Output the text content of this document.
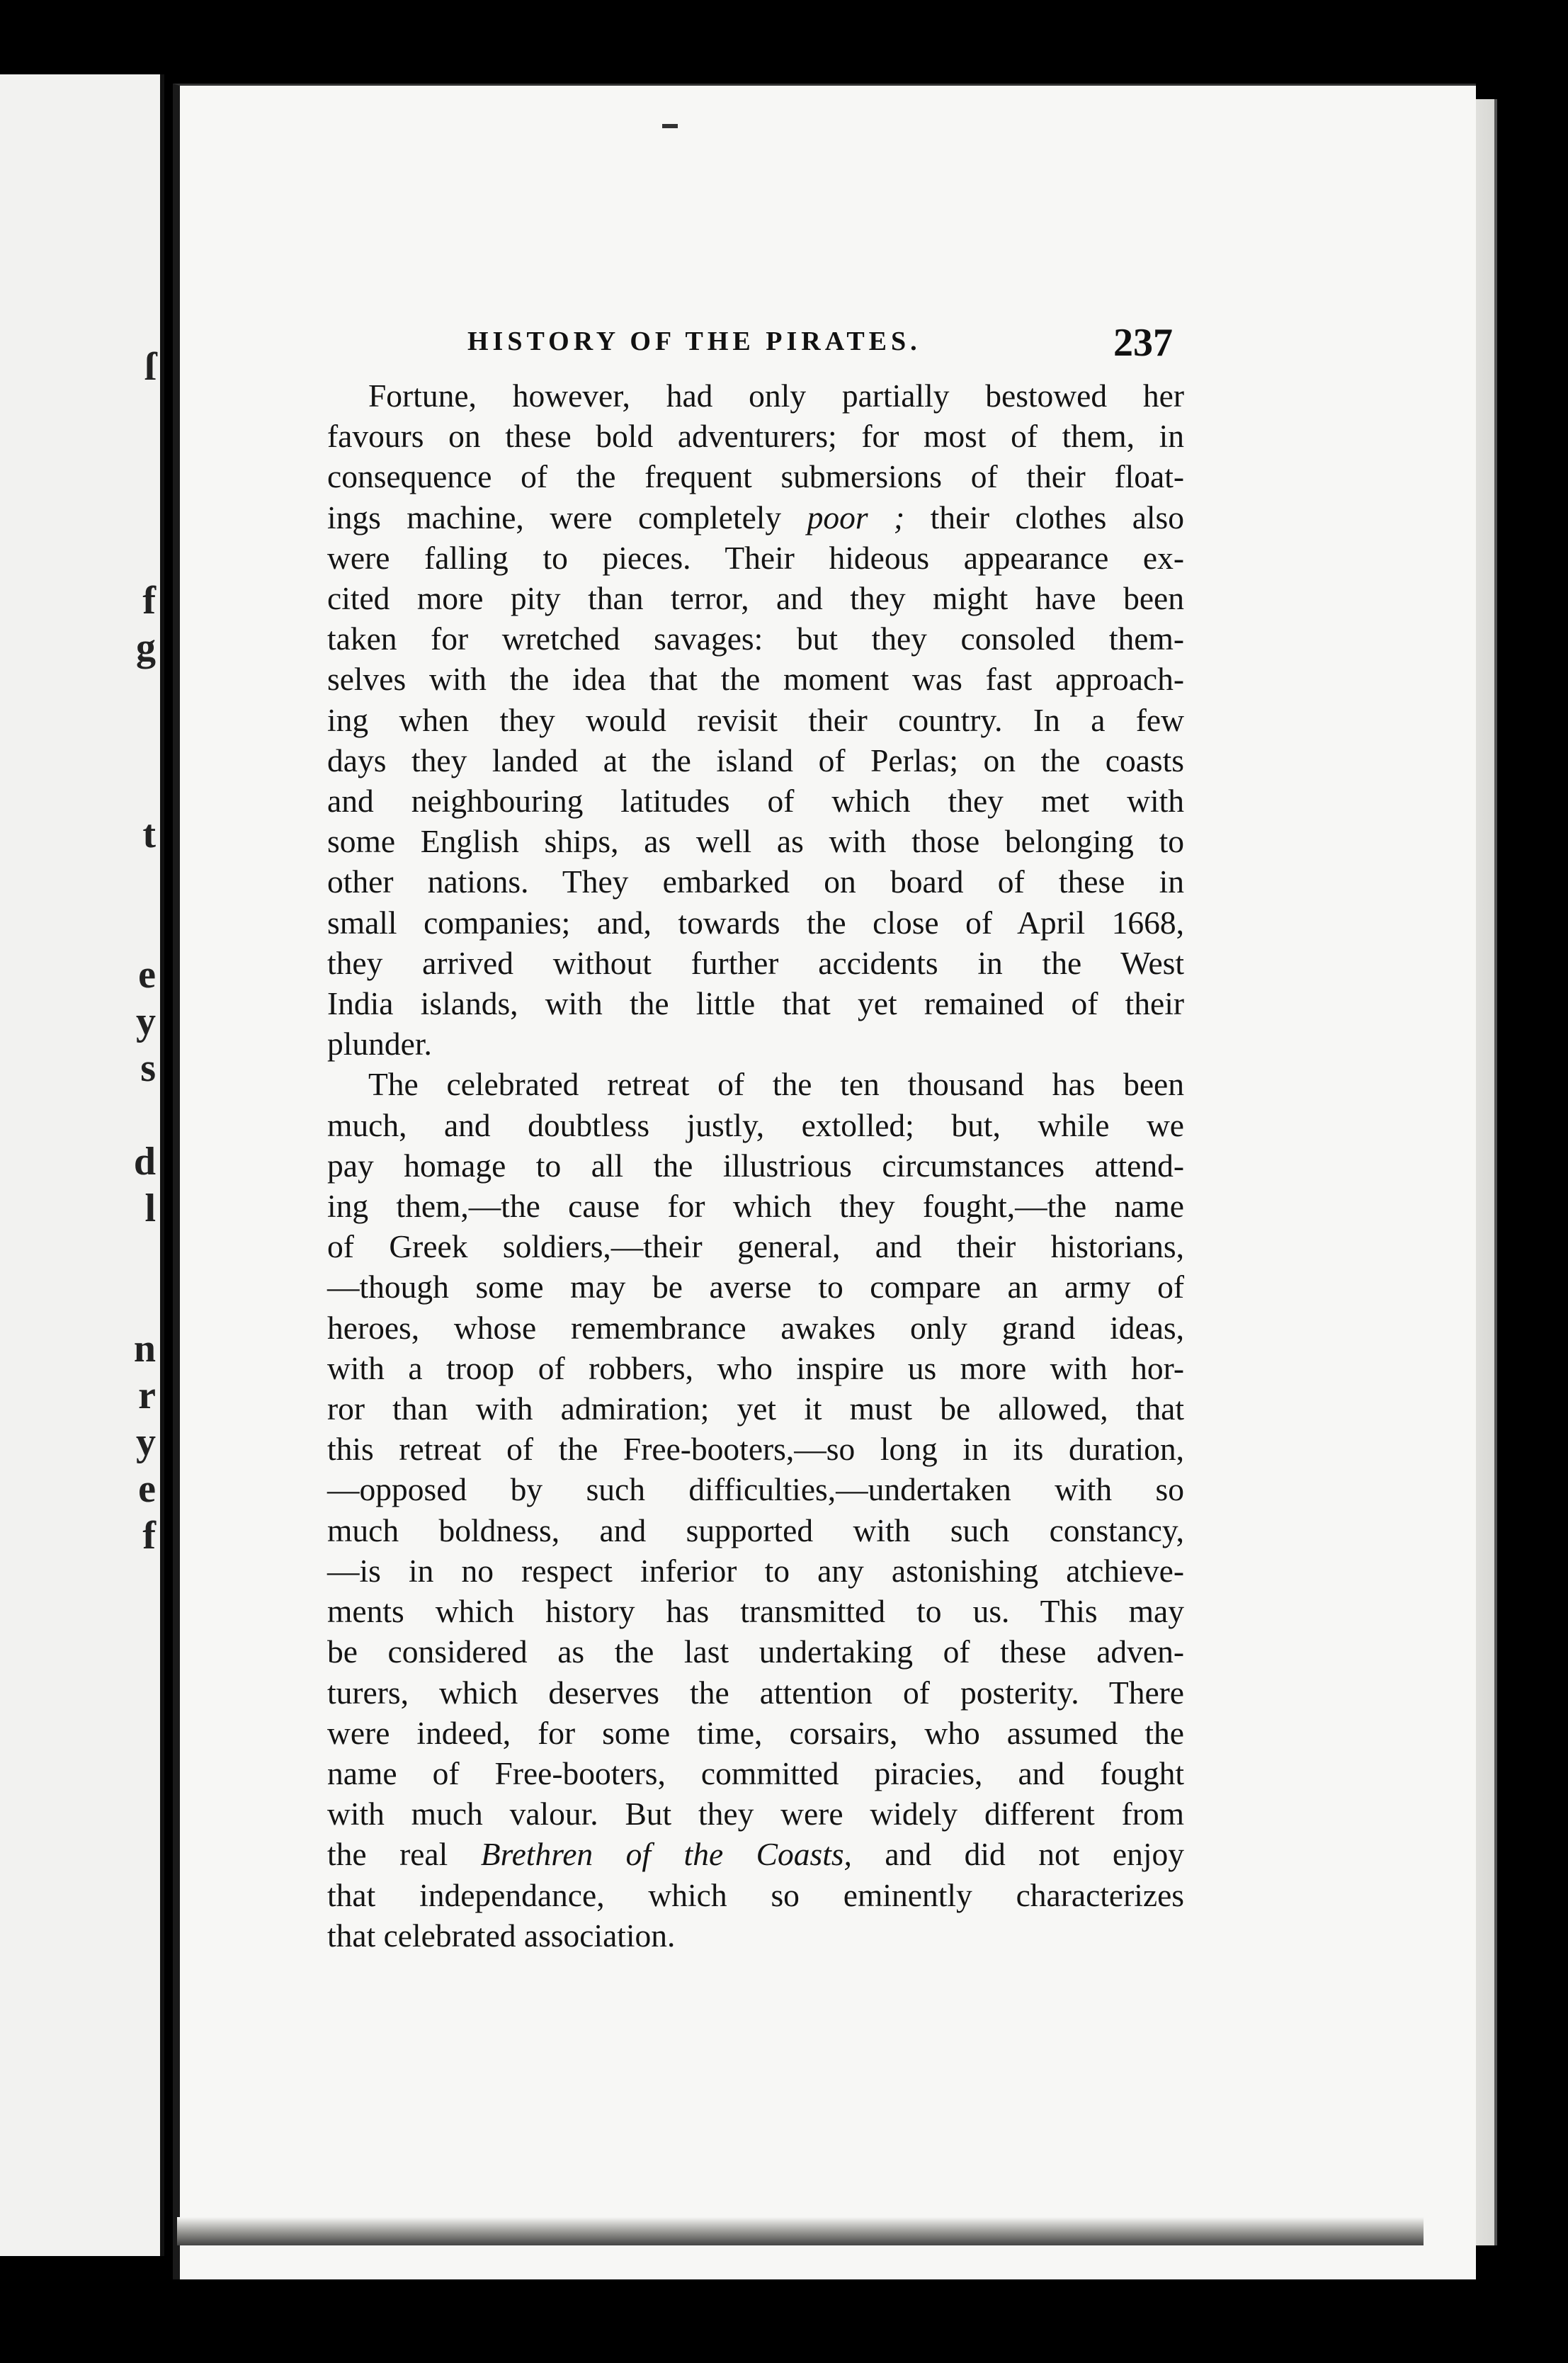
ſ

f
g

t

e
y
s

d
l

n
r
y
e
f
HISTORY OF THE PIRATES.	237
Fortune, however, had only partially bestowed her
favours on these bold adventurers; for most of them, in
consequence of the frequent submersions of their float-
ings machine, were completely poor ; their clothes also
were falling to pieces. Their hideous appearance ex-
cited more pity than terror, and they might have been
taken for wretched savages: but they consoled them-
selves with the idea that the moment was fast approach-
ing when they would revisit their country. In a few
days they landed at the island of Perlas; on the coasts
and neighbouring latitudes of which they met with
some English ships, as well as with those belonging to
other nations. They embarked on board of these in
small companies; and, towards the close of April 1668,
they arrived without further accidents in the West
India islands, with the little that yet remained of their
plunder.
The celebrated retreat of the ten thousand has been
much, and doubtless justly, extolled; but, while we
pay homage to all the illustrious circumstances attend-
ing them,—the cause for which they fought,—the name
of Greek soldiers,—their general, and their historians,
—though some may be averse to compare an army of
heroes, whose remembrance awakes only grand ideas,
with a troop of robbers, who inspire us more with hor-
ror than with admiration; yet it must be allowed, that
this retreat of the Free-booters,—so long in its duration,
—opposed by such difficulties,—undertaken with so
much boldness, and supported with such constancy,
—is in no respect inferior to any astonishing atchieve-
ments which history has transmitted to us. This may
be considered as the last undertaking of these adven-
turers, which deserves the attention of posterity. There
were indeed, for some time, corsairs, who assumed the
name of Free-booters, committed piracies, and fought
with much valour. But they were widely different from
the real Brethren of the Coasts, and did not enjoy
that independance, which so eminently characterizes
that celebrated association.
